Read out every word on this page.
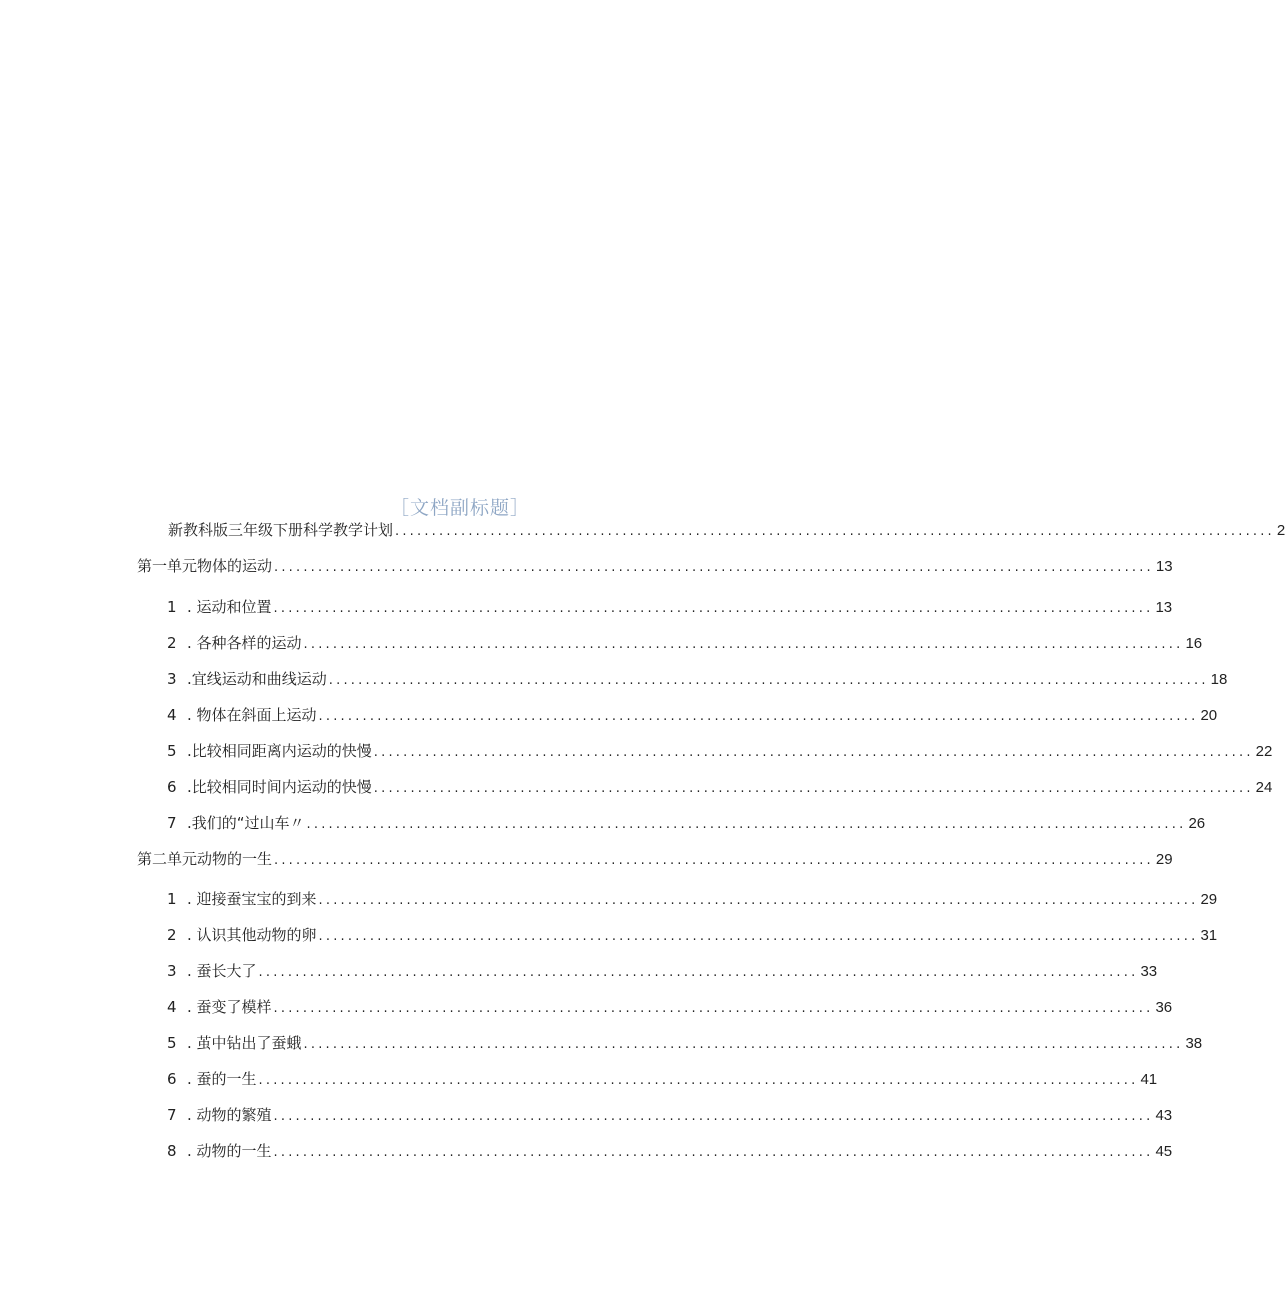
［文档副标题］
新教科版三年级下册科学教学计划 ........................................................................................................................ 2
第一单元物体的运动 ........................................................................................................................ 13
1 . 运动和位置 ........................................................................................................................ 13
2 . 各种各样的运动 ........................................................................................................................ 16
3 .宜线运动和曲线运动 ........................................................................................................................ 18
4 . 物体在斜面上运动 ........................................................................................................................ 20
5 .比较相同距离内运动的快慢 ........................................................................................................................ 22
6 .比较相同时间内运动的快慢 ........................................................................................................................ 24
7 .我们的“过山车〃 ........................................................................................................................ 26
第二单元动物的一生 ........................................................................................................................ 29
1 . 迎接蚕宝宝的到来 ........................................................................................................................ 29
2 . 认识其他动物的卵 ........................................................................................................................ 31
3 . 蚕长大了 ........................................................................................................................ 33
4 . 蚕变了模样 ........................................................................................................................ 36
5 . 茧中钻出了蚕蛾 ........................................................................................................................ 38
6 . 蚕的一生 ........................................................................................................................ 41
7 . 动物的繁殖 ........................................................................................................................ 43
8 . 动物的一生 ........................................................................................................................ 45
